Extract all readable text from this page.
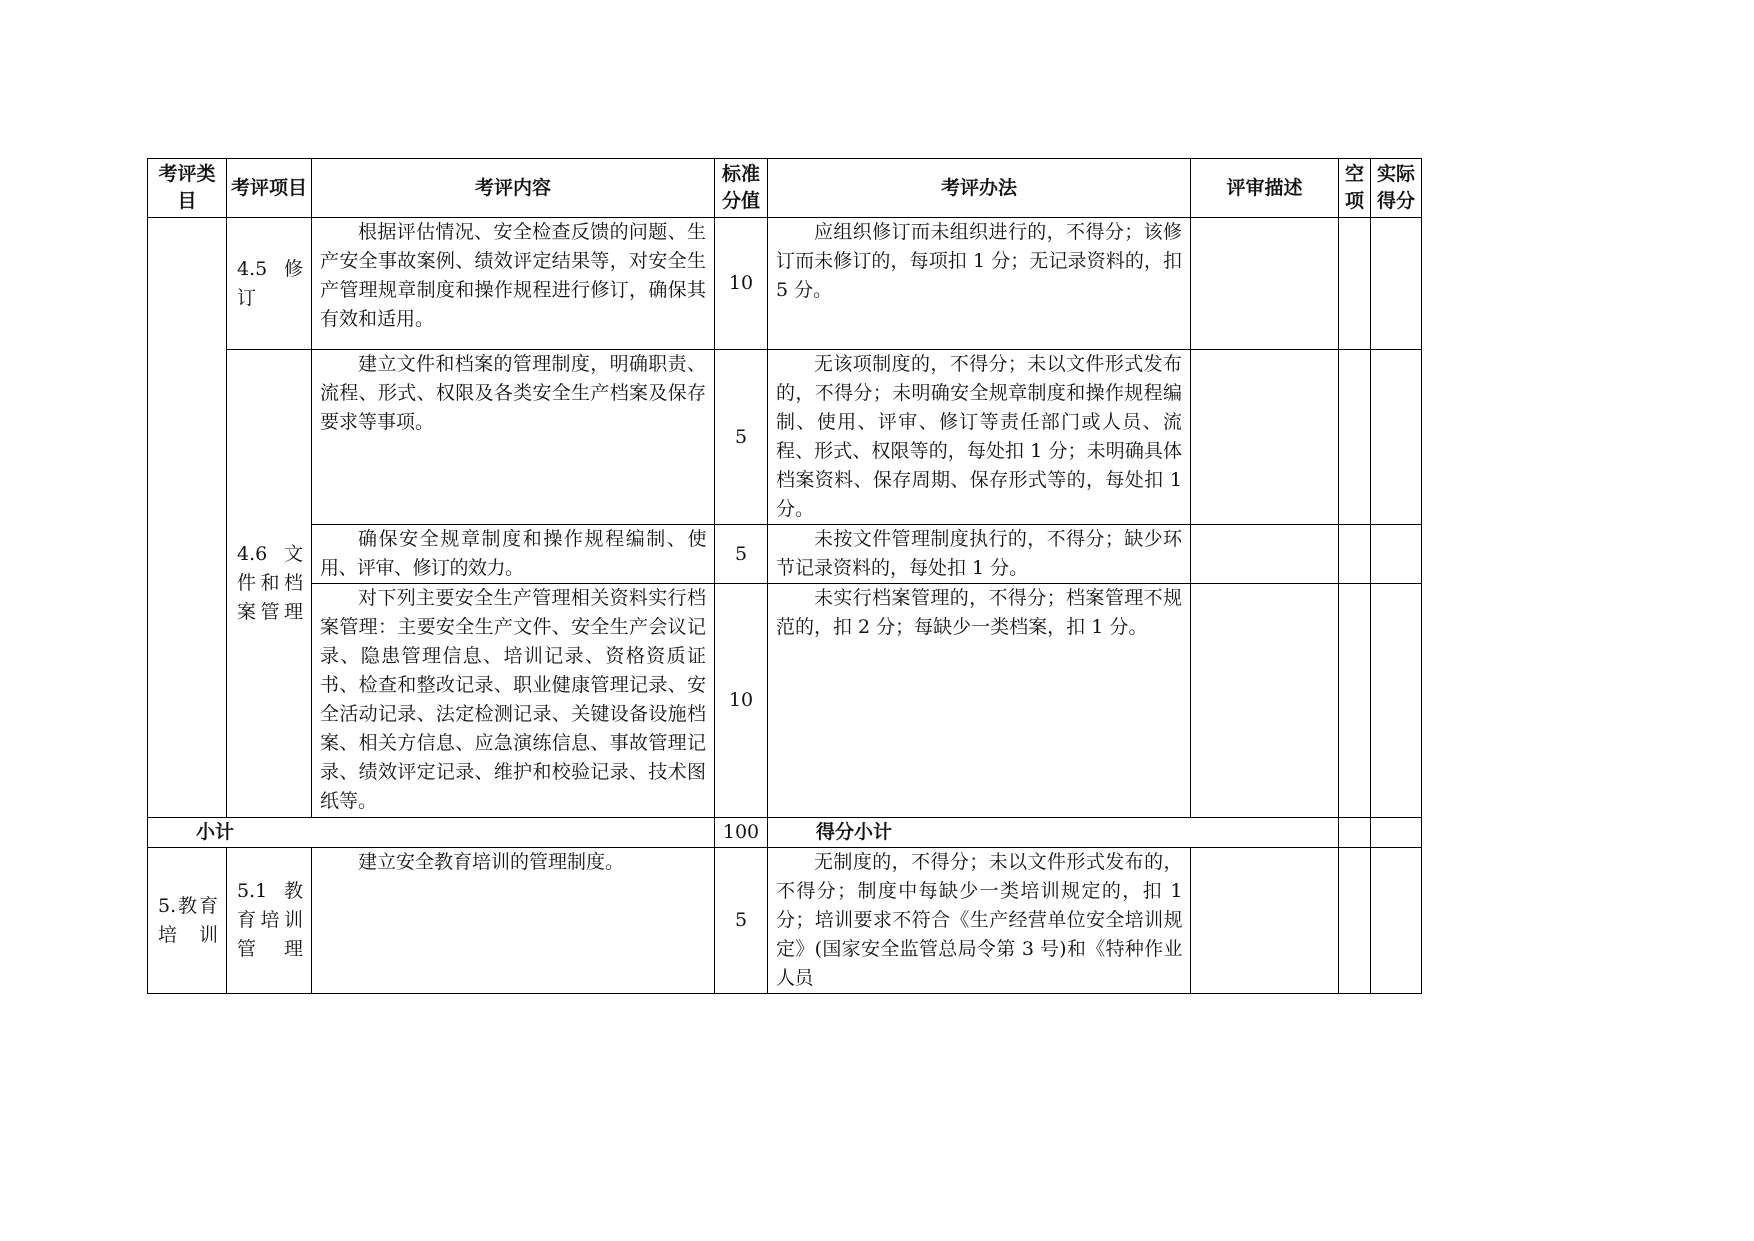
考评类目	考评项目	考评内容	标准分值	考评办法	评审描述	空项	实际得分
	4.5 修订	根据评估情况、安全检查反馈的问题、生产安全事故案例、绩效评定结果等，对安全生产管理规章制度和操作规程进行修订，确保其有效和适用。	10	应组织修订而未组织进行的，不得分；该修订而未修订的，每项扣 1 分；无记录资料的，扣 5 分。			
	4.6 文件和档案管理	建立文件和档案的管理制度，明确职责、流程、形式、权限及各类安全生产档案及保存要求等事项。	5	无该项制度的，不得分；未以文件形式发布的，不得分；未明确安全规章制度和操作规程编制、使用、评审、修订等责任部门或人员、流程、形式、权限等的，每处扣 1 分；未明确具体档案资料、保存周期、保存形式等的，每处扣 1 分。			
		确保安全规章制度和操作规程编制、使用、评审、修订的效力。	5	未按文件管理制度执行的，不得分；缺少环节记录资料的，每处扣 1 分。			
		对下列主要安全生产管理相关资料实行档案管理：主要安全生产文件、安全生产会议记录、隐患管理信息、培训记录、资格资质证书、检查和整改记录、职业健康管理记录、安全活动记录、法定检测记录、关键设备设施档案、相关方信息、应急演练信息、事故管理记录、绩效评定记录、维护和校验记录、技术图纸等。	10	未实行档案管理的，不得分；档案管理不规范的，扣 2 分；每缺少一类档案，扣 1 分。			
小计			100	得分小计			
5.教育培训	5.1 教育培训管理	建立安全教育培训的管理制度。	5	无制度的，不得分；未以文件形式发布的，不得分；制度中每缺少一类培训规定的，扣 1 分；培训要求不符合《生产经营单位安全培训规定》(国家安全监管总局令第 3 号)和《特种作业人员			
